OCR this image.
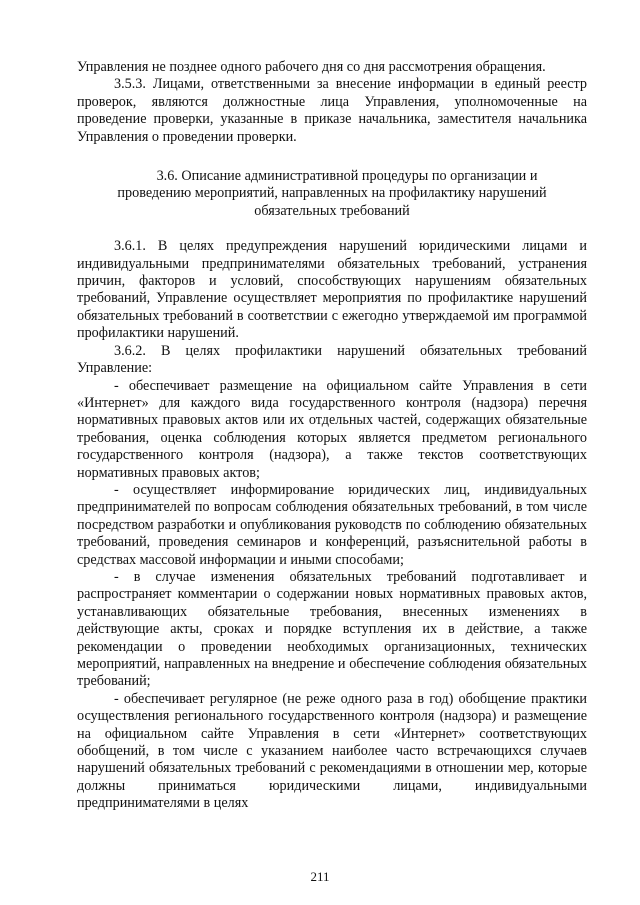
Управления не позднее одного рабочего дня со дня рассмотрения обращения.

3.5.3. Лицами, ответственными за внесение информации в единый реестр проверок, являются должностные лица Управления, уполномоченные на проведение проверки, указанные в приказе начальника, заместителя начальника Управления о проведении проверки.

3.6. Описание административной процедуры по организации и
проведению мероприятий, направленных на профилактику нарушений обязательных требований

3.6.1. В целях предупреждения нарушений юридическими лицами и индивидуальными предпринимателями обязательных требований, устранения причин, факторов и условий, способствующих нарушениям обязательных требований, Управление осуществляет мероприятия по профилактике нарушений обязательных требований в соответствии с ежегодно утверждаемой им программой профилактики нарушений.

3.6.2. В целях профилактики нарушений обязательных требований Управление:

- обеспечивает размещение на официальном сайте Управления в сети «Интернет» для каждого вида государственного контроля (надзора) перечня нормативных правовых актов или их отдельных частей, содержащих обязательные требования, оценка соблюдения которых является предметом регионального государственного контроля (надзора), а также текстов соответствующих нормативных правовых актов;

- осуществляет информирование юридических лиц, индивидуальных предпринимателей по вопросам соблюдения обязательных требований, в том числе посредством разработки и опубликования руководств по соблюдению обязательных требований, проведения семинаров и конференций, разъяснительной работы в средствах массовой информации и иными способами;

- в случае изменения обязательных требований подготавливает и распространяет комментарии о содержании новых нормативных правовых актов, устанавливающих обязательные требования, внесенных изменениях в действующие акты, сроках и порядке вступления их в действие, а также рекомендации о проведении необходимых организационных, технических мероприятий, направленных на внедрение и обеспечение соблюдения обязательных требований;

- обеспечивает регулярное (не реже одного раза в год) обобщение практики осуществления регионального государственного контроля (надзора) и размещение на официальном сайте Управления в сети «Интернет» соответствующих обобщений, в том числе с указанием наиболее часто встречающихся случаев нарушений обязательных требований с рекомендациями в отношении мер, которые должны приниматься юридическими лицами, индивидуальными предпринимателями в целях

211
